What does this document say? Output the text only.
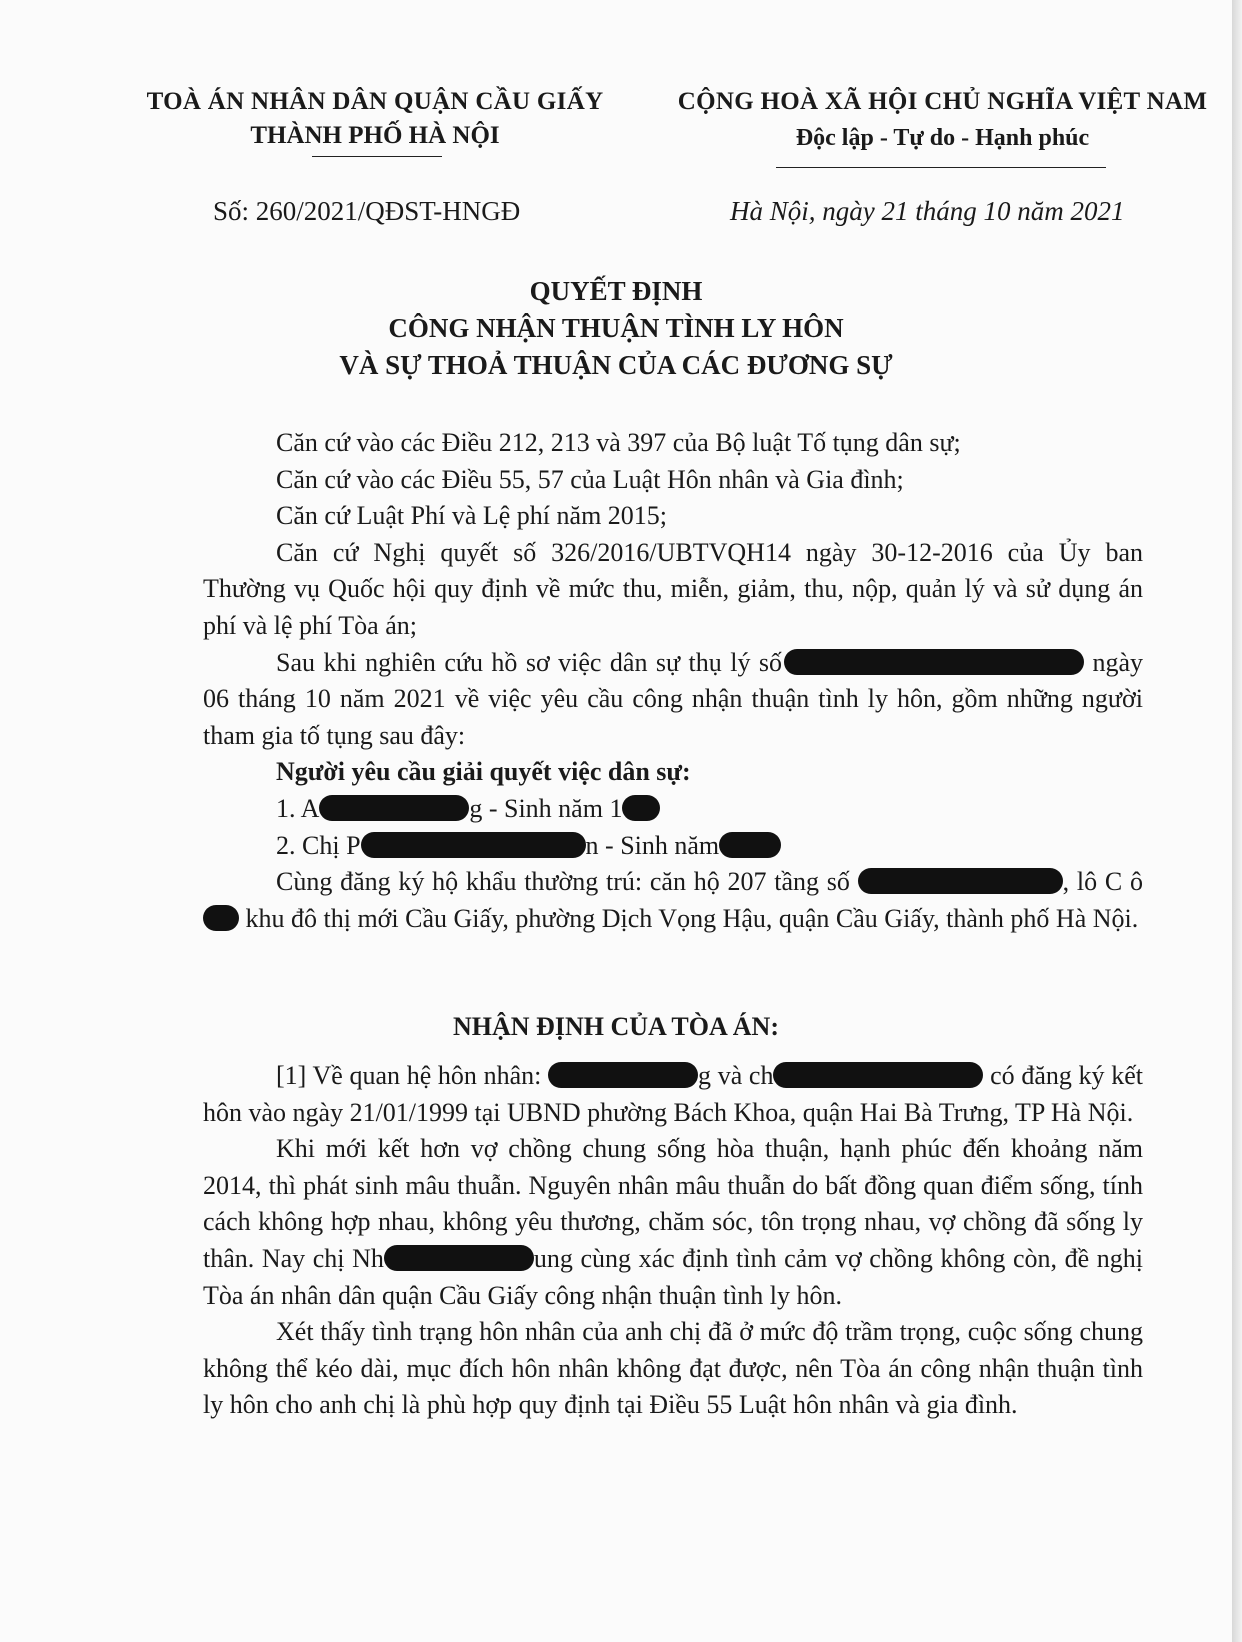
TOÀ ÁN NHÂN DÂN QUẬN CẦU GIẤY
THÀNH PHỐ HÀ NỘI
CỘNG HOÀ XÃ HỘI CHỦ NGHĨA VIỆT NAM
Độc lập - Tự do - Hạnh phúc
Số: 260/2021/QĐST-HNGĐ	Hà Nội, ngày 21 tháng 10 năm 2021
QUYẾT ĐỊNH
CÔNG NHẬN THUẬN TÌNH LY HÔN
VÀ SỰ THOẢ THUẬN CỦA CÁC ĐƯƠNG SỰ

Căn cứ vào các Điều 212, 213 và 397 của Bộ luật Tố tụng dân sự;

Căn cứ vào các Điều 55, 57 của Luật Hôn nhân và Gia đình;

Căn cứ Luật Phí và Lệ phí năm 2015;

Căn cứ Nghị quyết số 326/2016/UBTVQH14 ngày 30-12-2016 của Ủy ban Thường vụ Quốc hội quy định về mức thu, miễn, giảm, thu, nộp, quản lý và sử dụng án phí và lệ phí Tòa án;

Sau khi nghiên cứu hồ sơ việc dân sự thụ lý số	ngày 06 tháng 10 năm 2021 về việc yêu cầu công nhận thuận tình ly hôn, gồm những người tham gia tố tụng sau đây:

Người yêu cầu giải quyết việc dân sự:

1. A	g - Sinh năm 1

2. Chị P	n - Sinh năm

Cùng đăng ký hộ khẩu thường trú: căn hộ 207 tầng số	, lô C ô khu đô thị mới Cầu Giấy, phường Dịch Vọng Hậu, quận Cầu Giấy, thành phố Hà Nội.

NHẬN ĐỊNH CỦA TÒA ÁN:

[1] Về quan hệ hôn nhân:	g và ch	có đăng ký kết hôn vào ngày 21/01/1999 tại UBND phường Bách Khoa, quận Hai Bà Trưng, TP Hà Nội.

Khi mới kết hơn vợ chồng chung sống hòa thuận, hạnh phúc đến khoảng năm 2014, thì phát sinh mâu thuẫn. Nguyên nhân mâu thuẫn do bất đồng quan điểm sống, tính cách không hợp nhau, không yêu thương, chăm sóc, tôn trọng nhau, vợ chồng đã sống ly thân. Nay chị Nh	ung cùng xác định tình cảm vợ chồng không còn, đề nghị Tòa án nhân dân quận Cầu Giấy công nhận thuận tình ly hôn.

Xét thấy tình trạng hôn nhân của anh chị đã ở mức độ trầm trọng, cuộc sống chung không thể kéo dài, mục đích hôn nhân không đạt được, nên Tòa án công nhận thuận tình ly hôn cho anh chị là phù hợp quy định tại Điều 55 Luật hôn nhân và gia đình.
